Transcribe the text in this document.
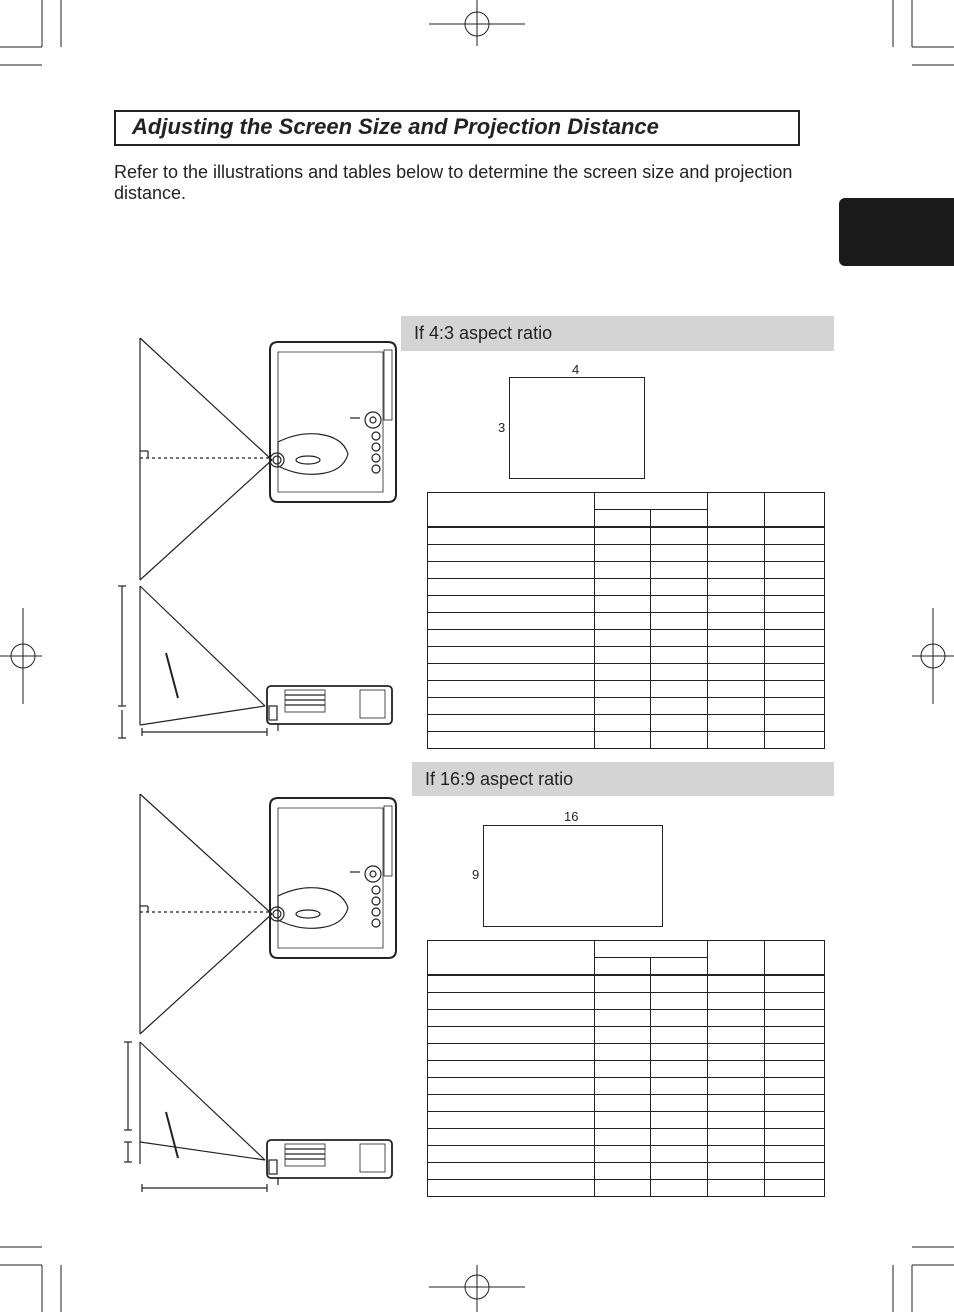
Adjusting the Screen Size and Projection Distance
Refer to the illustrations and tables below to determine the screen size and projection distance.
If 4:3 aspect ratio
4
3

If 16:9 aspect ratio
16
9
